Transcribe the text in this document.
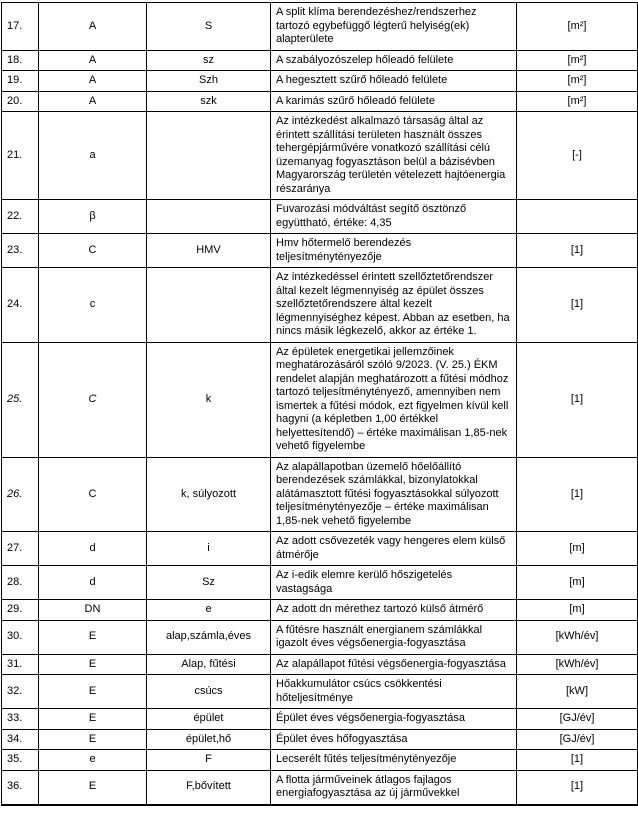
17.	A	S	A split klíma berendezéshez/rendszerhez tartozó egybefüggő légterű helyiség(ek) alapterülete	[m²]
18.	A	sz	A szabályozószelep hőleadó felülete	[m²]
19.	A	Szh	A hegesztett szűrő hőleadó felülete	[m²]
20.	A	szk	A karimás szűrő hőleadó felülete	[m²]
21.	a		Az intézkedést alkalmazó társaság által az érintett szállítási területen használt összes tehergépjárművére vonatkozó szállítási célú üzemanyag fogyasztáson belül a bázisévben Magyarország területén vételezett hajtóenergia részaránya	[-]
22.	β		Fuvarozási módváltást segítő ösztönző együttható, értéke: 4,35	
23.	C	HMV	Hmv hőtermelő berendezés teljesítménytényezője	[1]
24.	c		Az intézkedéssel érintett szellőztetőrendszer által kezelt légmennyiség az épület összes szellőztetőrendszere által kezelt légmennyiséghez képest. Abban az esetben, ha nincs másik légkezelő, akkor az értéke 1.	[1]
25.	C	k	Az épületek energetikai jellemzőinek meghatározásáról szóló 9/2023. (V. 25.) ÉKM rendelet alapján meghatározott a fűtési módhoz tartozó teljesítménytényező, amennyiben nem ismertek a fűtési módok, ezt figyelmen kívül kell hagyni (a képletben 1,00 értékkel helyettesítendő) – értéke maximálisan 1,85-nek vehető figyelembe	[1]
26.	C	k, súlyozott	Az alapállapotban üzemelő hőelőállító berendezések számlákkal, bizonylatokkal alátámasztott fűtési fogyasztásokkal súlyozott teljesítménytényezője – értéke maximálisan 1,85-nek vehető figyelembe	[1]
27.	d	i	Az adott csővezeték vagy hengeres elem külső átmérője	[m]
28.	d	Sz	Az i-edik elemre kerülő hőszigetelés vastagsága	[m]
29.	DN	e	Az adott dn mérethez tartozó külső átmérő	[m]
30.	E	alap,számla,éves	A fűtésre használt energianem számlákkal igazolt éves végsőenergia-fogyasztása	[kWh/év]
31.	E	Alap, fűtési	Az alapállapot fűtési végsőenergia-fogyasztása	[kWh/év]
32.	E	csúcs	Hőakkumulátor csúcs csökkentési hőteljesítménye	[kW]
33.	E	épület	Épület éves végsőenergia-fogyasztása	[GJ/év]
34.	E	épület,hő	Épület éves hőfogyasztása	[GJ/év]
35.	e	F	Lecserélt fűtés teljesítménytényezője	[1]
36.	E	F,bővített	A flotta járműveinek átlagos fajlagos energiafogyasztása az új járművekkel	[1]
